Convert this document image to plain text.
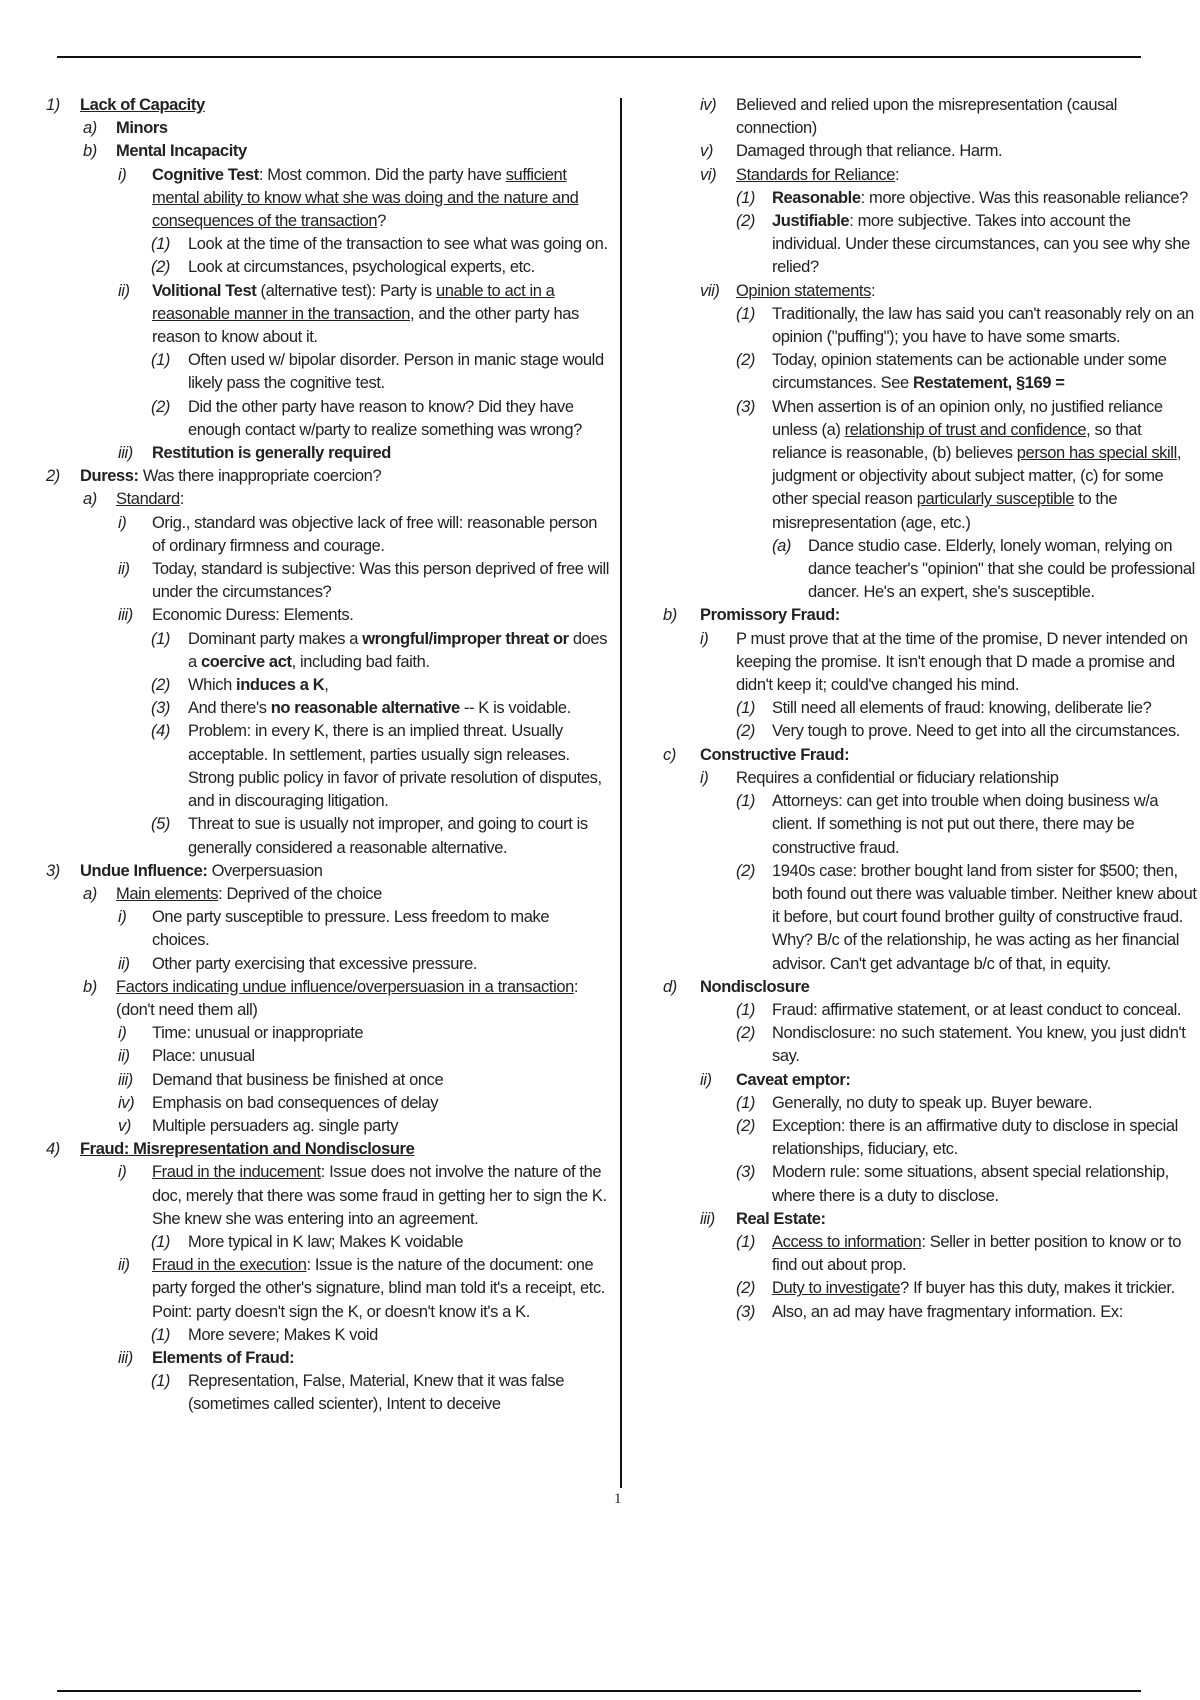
1) Lack of Capacity
a) Minors
b) Mental Incapacity
i) Cognitive Test: Most common. Did the party have sufficient mental ability to know what she was doing and the nature and consequences of the transaction?
(1) Look at the time of the transaction to see what was going on.
(2) Look at circumstances, psychological experts, etc.
ii) Volitional Test (alternative test): Party is unable to act in a reasonable manner in the transaction, and the other party has reason to know about it.
(1) Often used w/ bipolar disorder. Person in manic stage would likely pass the cognitive test.
(2) Did the other party have reason to know? Did they have enough contact w/party to realize something was wrong?
iii) Restitution is generally required
2) Duress: Was there inappropriate coercion?
a) Standard:
i) Orig., standard was objective lack of free will: reasonable person of ordinary firmness and courage.
ii) Today, standard is subjective: Was this person deprived of free will under the circumstances?
iii) Economic Duress: Elements.
(1) Dominant party makes a wrongful/improper threat or does a coercive act, including bad faith.
(2) Which induces a K,
(3) And there's no reasonable alternative -- K is voidable.
(4) Problem: in every K, there is an implied threat. Usually acceptable. In settlement, parties usually sign releases. Strong public policy in favor of private resolution of disputes, and in discouraging litigation.
(5) Threat to sue is usually not improper, and going to court is generally considered a reasonable alternative.
3) Undue Influence: Overpersuasion
a) Main elements: Deprived of the choice
i) One party susceptible to pressure. Less freedom to make choices.
ii) Other party exercising that excessive pressure.
b) Factors indicating undue influence/overpersuasion in a transaction: (don't need them all)
i) Time: unusual or inappropriate
ii) Place: unusual
iii) Demand that business be finished at once
iv) Emphasis on bad consequences of delay
v) Multiple persuaders ag. single party
4) Fraud: Misrepresentation and Nondisclosure
i) Fraud in the inducement: Issue does not involve the nature of the doc, merely that there was some fraud in getting her to sign the K. She knew she was entering into an agreement.
(1) More typical in K law; Makes K voidable
ii) Fraud in the execution: Issue is the nature of the document: one party forged the other's signature, blind man told it's a receipt, etc. Point: party doesn't sign the K, or doesn't know it's a K.
(1) More severe; Makes K void
iii) Elements of Fraud:
(1) Representation, False, Material, Knew that it was false (sometimes called scienter), Intent to deceive
iv) Believed and relied upon the misrepresentation (causal connection)
v) Damaged through that reliance. Harm.
vi) Standards for Reliance:
(1) Reasonable: more objective. Was this reasonable reliance?
(2) Justifiable: more subjective. Takes into account the individual. Under these circumstances, can you see why she relied?
vii) Opinion statements:
(1) Traditionally, the law has said you can't reasonably rely on an opinion ("puffing"); you have to have some smarts.
(2) Today, opinion statements can be actionable under some circumstances. See Restatement, §169 =
(3) When assertion is of an opinion only, no justified reliance unless (a) relationship of trust and confidence, so that reliance is reasonable, (b) believes person has special skill, judgment or objectivity about subject matter, (c) for some other special reason particularly susceptible to the misrepresentation (age, etc.)
(a) Dance studio case. Elderly, lonely woman, relying on dance teacher's "opinion" that she could be professional dancer. He's an expert, she's susceptible.
b) Promissory Fraud:
i) P must prove that at the time of the promise, D never intended on keeping the promise. It isn't enough that D made a promise and didn't keep it; could've changed his mind.
(1) Still need all elements of fraud: knowing, deliberate lie?
(2) Very tough to prove. Need to get into all the circumstances.
c) Constructive Fraud:
i) Requires a confidential or fiduciary relationship
(1) Attorneys: can get into trouble when doing business w/a client. If something is not put out there, there may be constructive fraud.
(2) 1940s case: brother bought land from sister for $500; then, both found out there was valuable timber. Neither knew about it before, but court found brother guilty of constructive fraud. Why? B/c of the relationship, he was acting as her financial advisor. Can't get advantage b/c of that, in equity.
d) Nondisclosure
(1) Fraud: affirmative statement, or at least conduct to conceal.
(2) Nondisclosure: no such statement. You knew, you just didn't say.
ii) Caveat emptor:
(1) Generally, no duty to speak up. Buyer beware.
(2) Exception: there is an affirmative duty to disclose in special relationships, fiduciary, etc.
(3) Modern rule: some situations, absent special relationship, where there is a duty to disclose.
iii) Real Estate:
(1) Access to information: Seller in better position to know or to find out about prop.
(2) Duty to investigate? If buyer has this duty, makes it trickier.
(3) Also, an ad may have fragmentary information. Ex:
1
